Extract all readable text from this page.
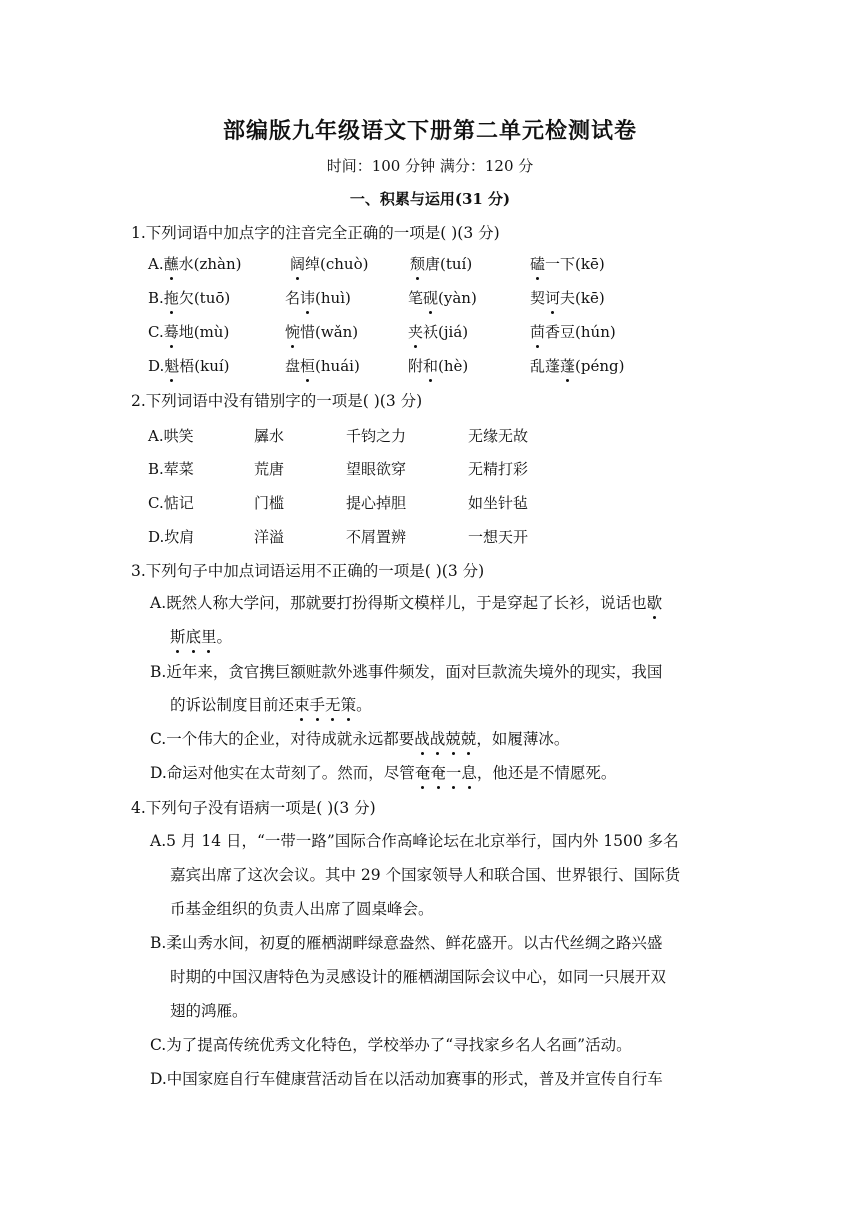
部编版九年级语文下册第二单元检测试卷
时间：100 分钟 满分：120 分
一、积累与运用(31 分)
1.下列词语中加点字的注音完全正确的一项是( )(3 分)
A.蘸水(zhàn)	阔绰(chuò)	颓唐(tuí)	磕一下(kē)
B.拖欠(tuō)	名讳(huì)	笔砚(yàn)	契诃夫(kē)
C.蓦地(mù)	惋惜(wǎn)	夹袄(jiá)	茴香豆(hún)
D.魁梧(kuí)	盘桓(huái)	附和(hè)	乱蓬蓬(péng)
2.下列词语中没有错别字的一项是( )(3 分)
A.哄笑	羼水	千钧之力	无缘无故
B.荤菜	荒唐	望眼欲穿	无精打彩
C.惦记	门槛	提心掉胆	如坐针毡
D.坎肩	洋溢	不屑置辨	一想天开
3.下列句子中加点词语运用不正确的一项是( )(3 分)
A.既然人称大学问，那就要打扮得斯文模样儿，于是穿起了长衫，说话也歇
斯底里。
B.近年来，贪官携巨额赃款外逃事件频发，面对巨款流失境外的现实，我国
的诉讼制度目前还束手无策。
C.一个伟大的企业，对待成就永远都要战战兢兢，如履薄冰。
D.命运对他实在太苛刻了。然而，尽管奄奄一息，他还是不情愿死。
4.下列句子没有语病一项是( )(3 分)
A.5 月 14 日，“一带一路”国际合作高峰论坛在北京举行，国内外 1500 多名
嘉宾出席了这次会议。其中 29 个国家领导人和联合国、世界银行、国际货
币基金组织的负责人出席了圆桌峰会。
B.柔山秀水间，初夏的雁栖湖畔绿意盎然、鲜花盛开。以古代丝绸之路兴盛
时期的中国汉唐特色为灵感设计的雁栖湖国际会议中心，如同一只展开双
翅的鸿雁。
C.为了提高传统优秀文化特色，学校举办了“寻找家乡名人名画”活动。
D.中国家庭自行车健康营活动旨在以活动加赛事的形式，普及并宣传自行车
